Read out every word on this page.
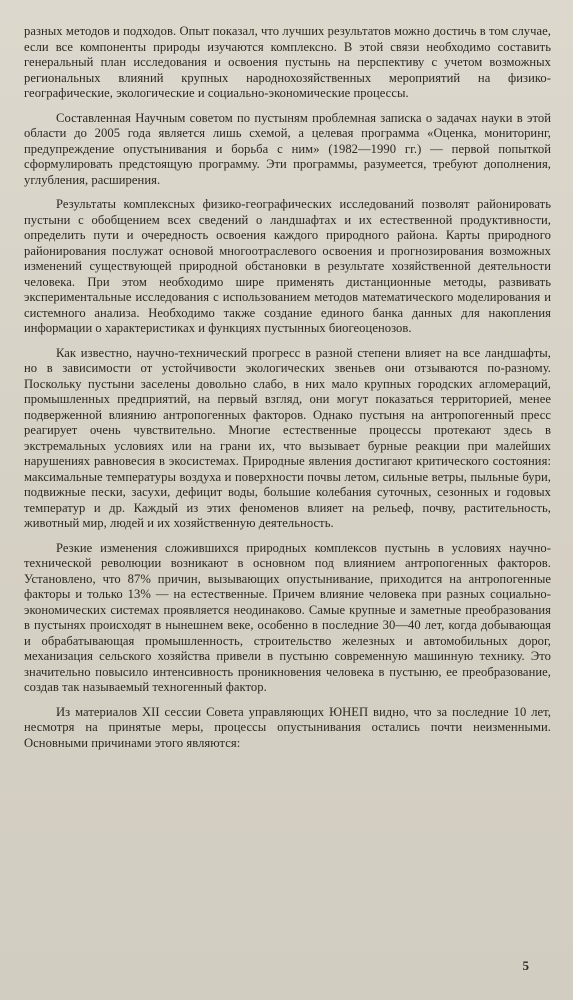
разных методов и подходов. Опыт показал, что лучших результатов можно достичь в том случае, если все компоненты природы изучаются комплексно. В этой связи необходимо составить генеральный план исследования и освоения пустынь на перспективу с учетом возможных региональных влияний крупных народнохозяйственных мероприятий на физико-географические, экологические и социально-экономические процессы.

Составленная Научным советом по пустыням проблемная записка о задачах науки в этой области до 2005 года является лишь схемой, а целевая программа «Оценка, мониторинг, предупреждение опустынивания и борьба с ним» (1982—1990 гг.) — первой попыткой сформулировать предстоящую программу. Эти программы, разумеется, требуют дополнения, углубления, расширения.

Результаты комплексных физико-географических исследований позволят районировать пустыни с обобщением всех сведений о ландшафтах и их естественной продуктивности, определить пути и очередность освоения каждого природного района. Карты природного районирования послужат основой многоотраслевого освоения и прогнозирования возможных изменений существующей природной обстановки в результате хозяйственной деятельности человека. При этом необходимо шире применять дистанционные методы, развивать экспериментальные исследования с использованием методов математического моделирования и системного анализа. Необходимо также создание единого банка данных для накопления информации о характеристиках и функциях пустынных биогеоценозов.

Как известно, научно-технический прогресс в разной степени влияет на все ландшафты, но в зависимости от устойчивости экологических звеньев они отзываются по-разному. Поскольку пустыни заселены довольно слабо, в них мало крупных городских агломераций, промышленных предприятий, на первый взгляд, они могут показаться территорией, менее подверженной влиянию антропогенных факторов. Однако пустыня на антропогенный пресс реагирует очень чувствительно. Многие естественные процессы протекают здесь в экстремальных условиях или на грани их, что вызывает бурные реакции при малейших нарушениях равновесия в экосистемах. Природные явления достигают критического состояния: максимальные температуры воздуха и поверхности почвы летом, сильные ветры, пыльные бури, подвижные пески, засухи, дефицит воды, большие колебания суточных, сезонных и годовых температур и др. Каждый из этих феноменов влияет на рельеф, почву, растительность, животный мир, людей и их хозяйственную деятельность.

Резкие изменения сложившихся природных комплексов пустынь в условиях научно-технической революции возникают в основном под влиянием антропогенных факторов. Установлено, что 87% причин, вызывающих опустынивание, приходится на антропогенные факторы и только 13% — на естественные. Причем влияние человека при разных социально-экономических системах проявляется неодинаково. Самые крупные и заметные преобразования в пустынях происходят в нынешнем веке, особенно в последние 30—40 лет, когда добывающая и обрабатывающая промышленность, строительство железных и автомобильных дорог, механизация сельского хозяйства привели в пустыню современную машинную технику. Это значительно повысило интенсивность проникновения человека в пустыню, ее преобразование, создав так называемый техногенный фактор.

Из материалов XII сессии Совета управляющих ЮНЕП видно, что за последние 10 лет, несмотря на принятые меры, процессы опустынивания остались почти неизменными. Основными причинами этого являются:

5
